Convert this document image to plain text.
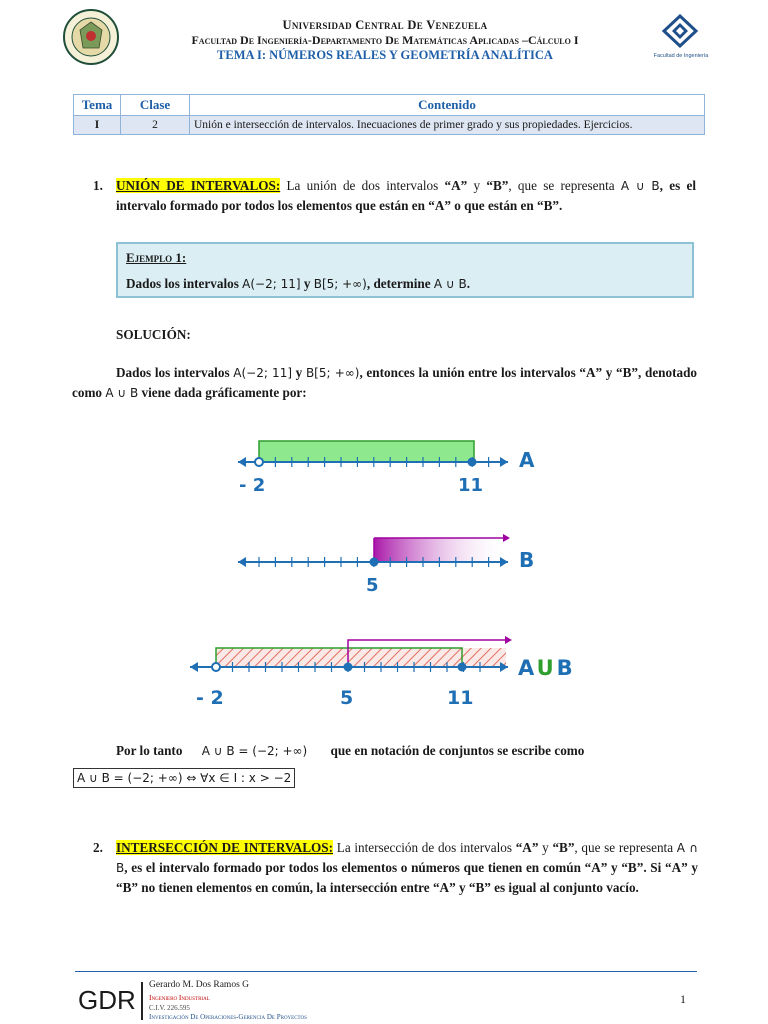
Universidad Central De Venezuela
Facultad De Ingeniería-Departamento De Matemáticas Aplicadas –Cálculo I
TEMA I: NÚMEROS REALES Y GEOMETRÍA ANALÍTICA	Facultad de Ingeniería
Tema	Clase	Contenido
I	2	Unión e intersección de intervalos. Inecuaciones de primer grado y sus propiedades. Ejercicios.
1. UNIÓN DE INTERVALOS: La unión de dos intervalos “A” y “B”, que se representa A ∪ B, es el intervalo formado por todos los elementos que están en “A” o que están en “B”.
Ejemplo 1:
Dados los intervalos A(−2; 11] y B[5; +∞), determine A ∪ B.
SOLUCIÓN:
Dados los intervalos A(−2; 11] y B[5; +∞), entonces la unión entre los intervalos “A” y “B”, denotado como A ∪ B viene dada gráficamente por:
A
- 2	11
B
5
A U B
- 2	5	11
Por lo tanto A ∪ B = (−2; +∞) que en notación de conjuntos se escribe como
A ∪ B = (−2; +∞) ⇔ ∀x ∈ I : x > −2
2. INTERSECCIÓN DE INTERVALOS: La intersección de dos intervalos “A” y “B”, que se representa A ∩ B, es el intervalo formado por todos los elementos o números que tienen en común “A” y “B”. Si “A” y “B” no tienen elementos en común, la intersección entre “A” y “B” es igual al conjunto vacío.
GDR Gerardo M. Dos Ramos G
Ingeniero Industrial
C.I.V. 226.595
Investigación De Operaciones-Gerencia De Proyectos
1
